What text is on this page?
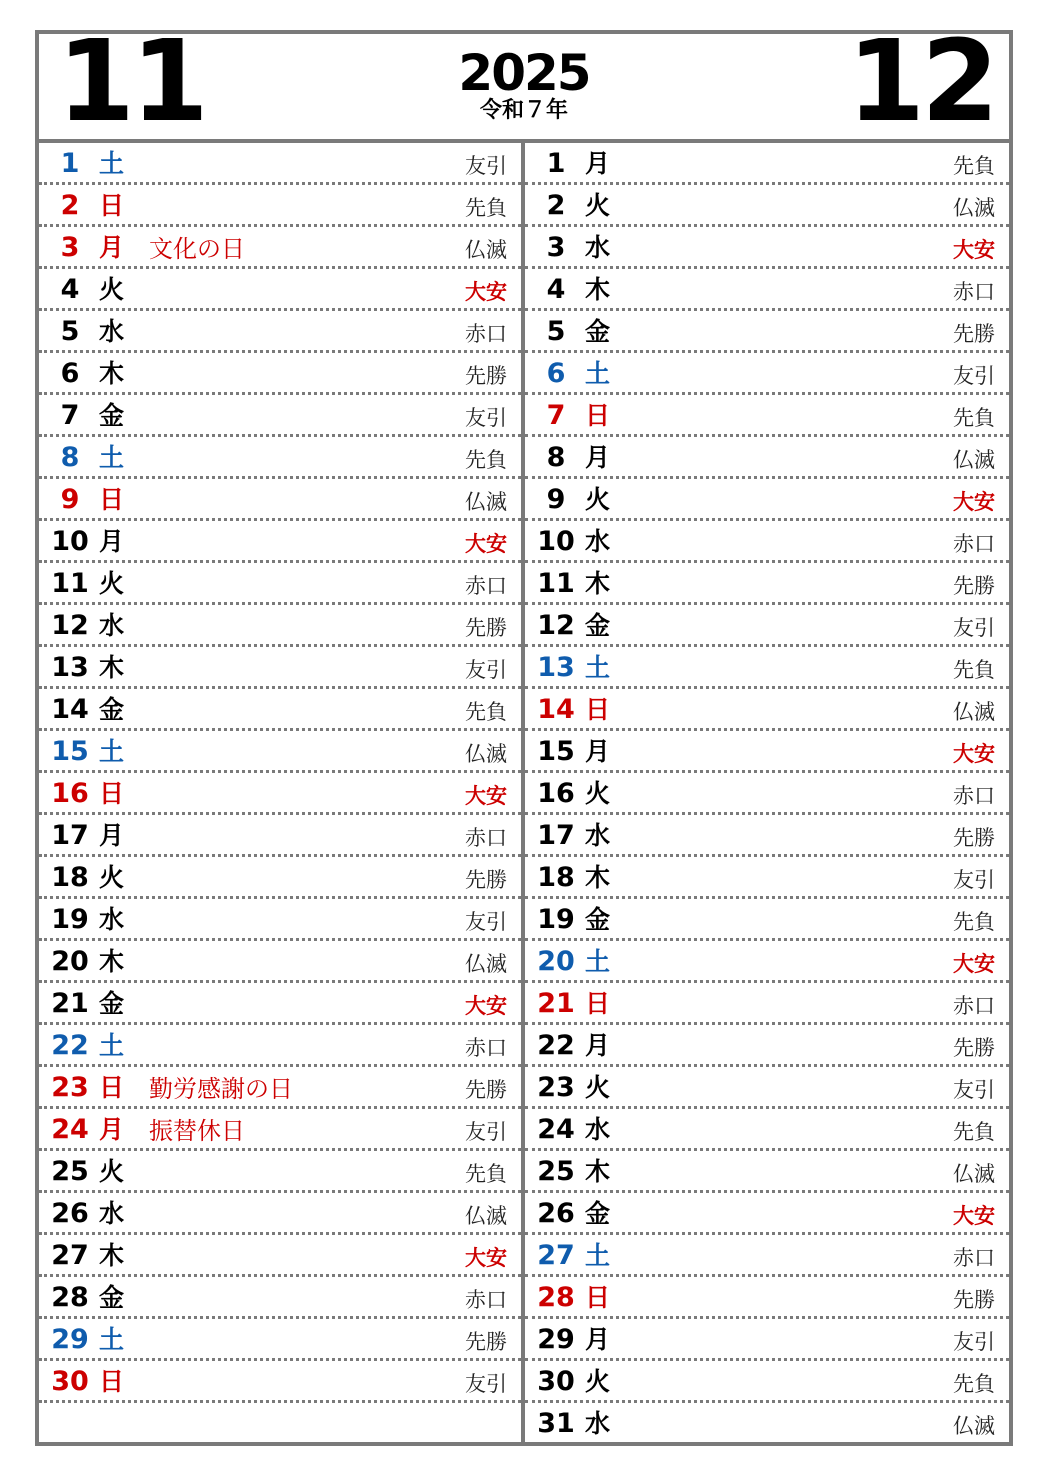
11	2025
令和７年	12
1 土	友引
2 日	先負
3 月 文化の日	仏滅
4 火	大安
5 水	赤口
6 木	先勝
7 金	友引
8 土	先負
9 日	仏滅
10 月	大安
11 火	赤口
12 水	先勝
13 木	友引
14 金	先負
15 土	仏滅
16 日	大安
17 月	赤口
18 火	先勝
19 水	友引
20 木	仏滅
21 金	大安
22 土	赤口
23 日 勤労感謝の日	先勝
24 月 振替休日	友引
25 火	先負
26 水	仏滅
27 木	大安
28 金	赤口
29 土	先勝
30 日	友引
1 月	先負
2 火	仏滅
3 水	大安
4 木	赤口
5 金	先勝
6 土	友引
7 日	先負
8 月	仏滅
9 火	大安
10 水	赤口
11 木	先勝
12 金	友引
13 土	先負
14 日	仏滅
15 月	大安
16 火	赤口
17 水	先勝
18 木	友引
19 金	先負
20 土	大安
21 日	赤口
22 月	先勝
23 火	友引
24 水	先負
25 木	仏滅
26 金	大安
27 土	赤口
28 日	先勝
29 月	友引
30 火	先負
31 水	仏滅
